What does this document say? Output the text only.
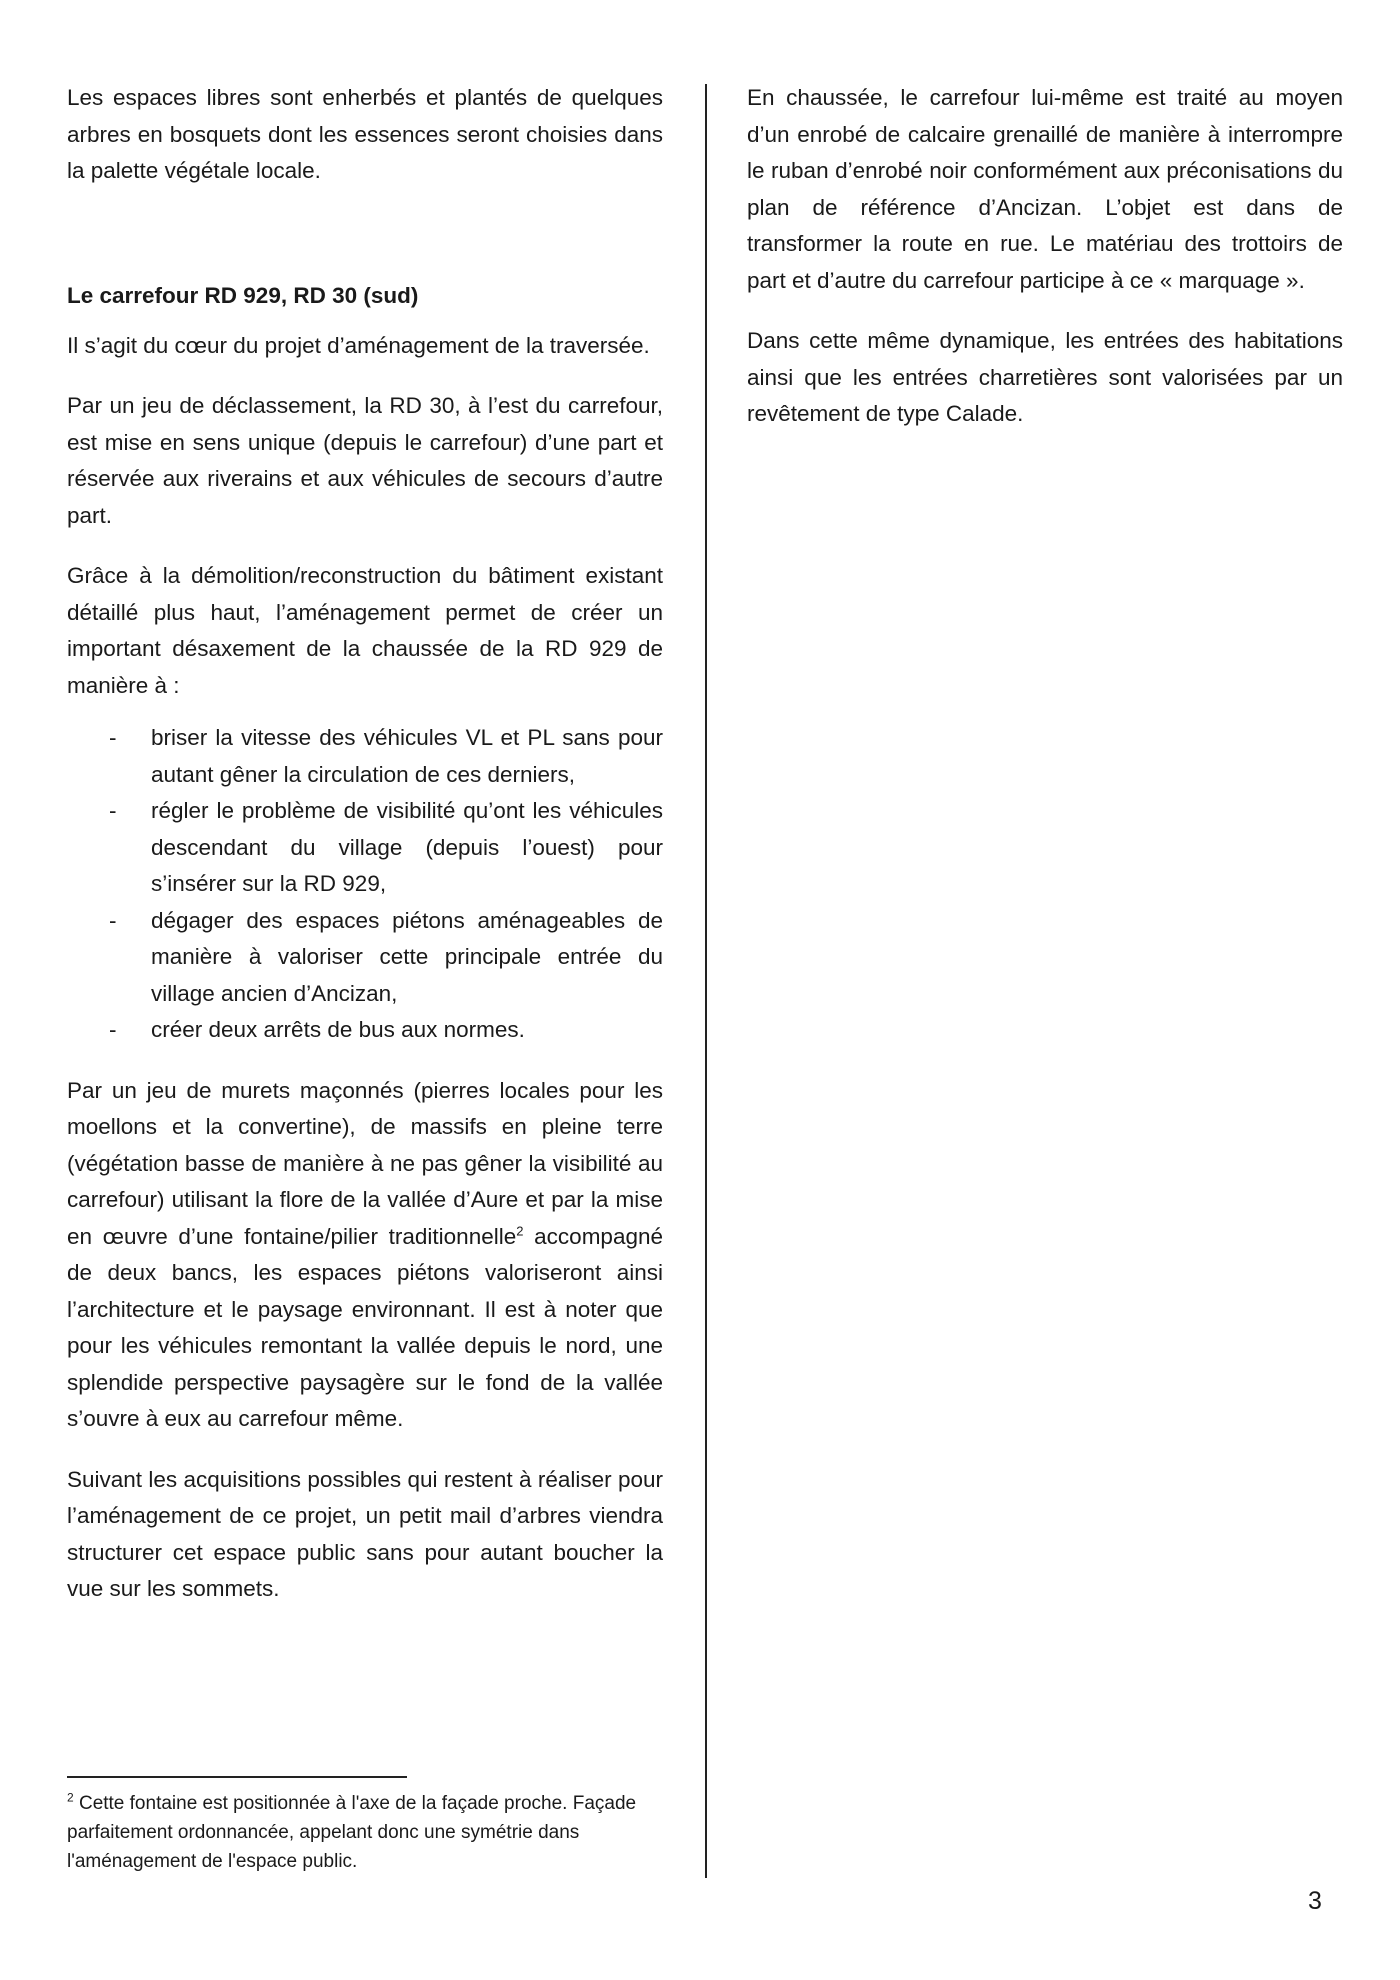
Les espaces libres sont enherbés et plantés de quelques arbres en bosquets dont les essences seront choisies dans la palette végétale locale.

Le carrefour RD 929, RD 30 (sud)

Il s’agit du cœur du projet d’aménagement de la traversée.

Par un jeu de déclassement, la RD 30, à l’est du carrefour, est mise en sens unique (depuis le carrefour) d’une part et réservée aux riverains et aux véhicules de secours d’autre part.

Grâce à la démolition/reconstruction du bâtiment existant détaillé plus haut, l’aménagement permet de créer un important désaxement de la chaussée de la RD 929 de manière à :

- briser la vitesse des véhicules VL et PL sans pour autant gêner la circulation de ces derniers,
- régler le problème de visibilité qu’ont les véhicules descendant du village (depuis l’ouest) pour s’insérer sur la RD 929,
- dégager des espaces piétons aménageables de manière à valoriser cette principale entrée du village ancien d’Ancizan,
- créer deux arrêts de bus aux normes.

Par un jeu de murets maçonnés (pierres locales pour les moellons et la convertine), de massifs en pleine terre (végétation basse de manière à ne pas gêner la visibilité au carrefour) utilisant la flore de la vallée d’Aure et par la mise en œuvre d’une fontaine/pilier traditionnelle$^2$ accompagné de deux bancs, les espaces piétons valoriseront ainsi l’architecture et le paysage environnant. Il est à noter que pour les véhicules remontant la vallée depuis le nord, une splendide perspective paysagère sur le fond de la vallée s’ouvre à eux au carrefour même.

Suivant les acquisitions possibles qui restent à réaliser pour l’aménagement de ce projet, un petit mail d’arbres viendra structurer cet espace public sans pour autant boucher la vue sur les sommets.

En chaussée, le carrefour lui-même est traité au moyen d’un enrobé de calcaire grenaillé de manière à interrompre le ruban d’enrobé noir conformément aux préconisations du plan de référence d’Ancizan. L’objet est dans de transformer la route en rue. Le matériau des trottoirs de part et d’autre du carrefour participe à ce « marquage ».

Dans cette même dynamique, les entrées des habitations ainsi que les entrées charretières sont valorisées par un revêtement de type Calade.

$^2$ Cette fontaine est positionnée à l'axe de la façade proche. Façade parfaitement ordonnancée, appelant donc une symétrie dans l'aménagement de l'espace public.
3
